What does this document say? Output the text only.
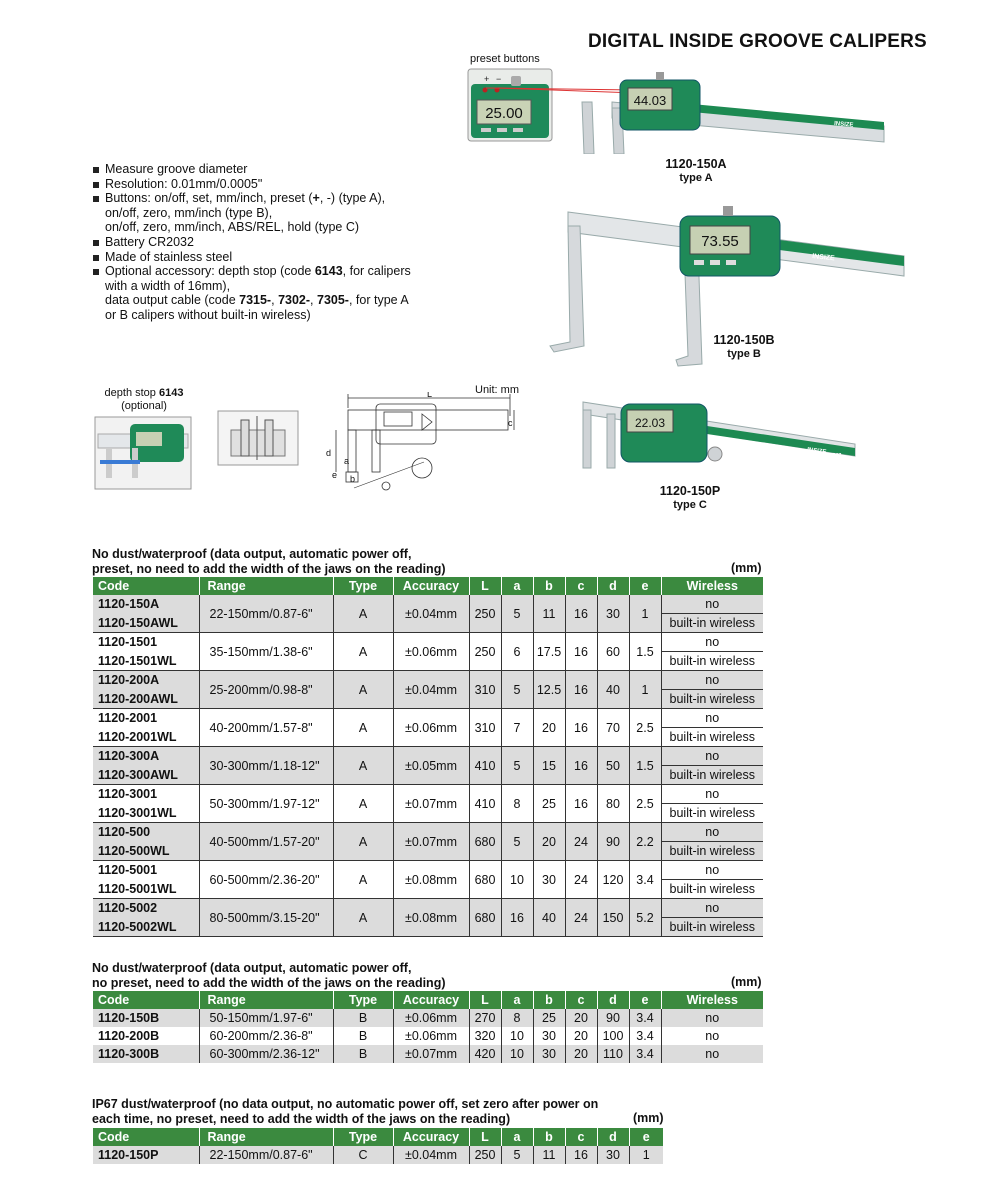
DIGITAL INSIDE GROOVE CALIPERS
preset buttons
+ −
25.00
INSIZE
44.03
1120-150A
type A
Measure groove diameter
Resolution: 0.01mm/0.0005"
Buttons: on/off, set, mm/inch, preset (+, -) (type A),
on/off, zero, mm/inch (type B),
on/off, zero, mm/inch, ABS/REL, hold (type C)
Battery CR2032
Made of stainless steel
Optional accessory: depth stop (code 6143, for calipers
with a width of 16mm),
data output cable (code 7315-, 7302-, 7305-, for type A
or B calipers without built-in wireless)
INSIZE
73.55
1120-150B
type B
depth stop 6143
(optional)
Unit: mm
L
c
d
a
e b
INSIZE
IP67
22.03
1120-150P
type C
No dust/waterproof (data output, automatic power off,
preset, no need to add the width of the jaws on the reading)	(mm)
Code	Range	Type	Accuracy	L	a	b	c	d	e	Wireless
1120-150A	22-150mm/0.87-6"	A	±0.04mm	250	5	11	16	30	1	no
1120-150AWL										built-in wireless
1120-1501	35-150mm/1.38-6"	A	±0.06mm	250	6	17.5	16	60	1.5	no
1120-1501WL										built-in wireless
1120-200A	25-200mm/0.98-8"	A	±0.04mm	310	5	12.5	16	40	1	no
1120-200AWL										built-in wireless
1120-2001	40-200mm/1.57-8"	A	±0.06mm	310	7	20	16	70	2.5	no
1120-2001WL										built-in wireless
1120-300A	30-300mm/1.18-12"	A	±0.05mm	410	5	15	16	50	1.5	no
1120-300AWL										built-in wireless
1120-3001	50-300mm/1.97-12"	A	±0.07mm	410	8	25	16	80	2.5	no
1120-3001WL										built-in wireless
1120-500	40-500mm/1.57-20"	A	±0.07mm	680	5	20	24	90	2.2	no
1120-500WL										built-in wireless
1120-5001	60-500mm/2.36-20"	A	±0.08mm	680	10	30	24	120	3.4	no
1120-5001WL										built-in wireless
1120-5002	80-500mm/3.15-20"	A	±0.08mm	680	16	40	24	150	5.2	no
1120-5002WL										built-in wireless
No dust/waterproof (data output, automatic power off,
no preset, need to add the width of the jaws on the reading)	(mm)
Code	Range	Type	Accuracy	L	a	b	c	d	e	Wireless
1120-150B	50-150mm/1.97-6"	B	±0.06mm	270	8	25	20	90	3.4	no
1120-200B	60-200mm/2.36-8"	B	±0.06mm	320	10	30	20	100	3.4	no
1120-300B	60-300mm/2.36-12"	B	±0.07mm	420	10	30	20	110	3.4	no
IP67 dust/waterproof (no data output, no automatic power off, set zero after power on
each time, no preset, need to add the width of the jaws on the reading)	(mm)
Code	Range	Type	Accuracy	L	a	b	c	d	e
1120-150P	22-150mm/0.87-6"	C	±0.04mm	250	5	11	16	30	1
